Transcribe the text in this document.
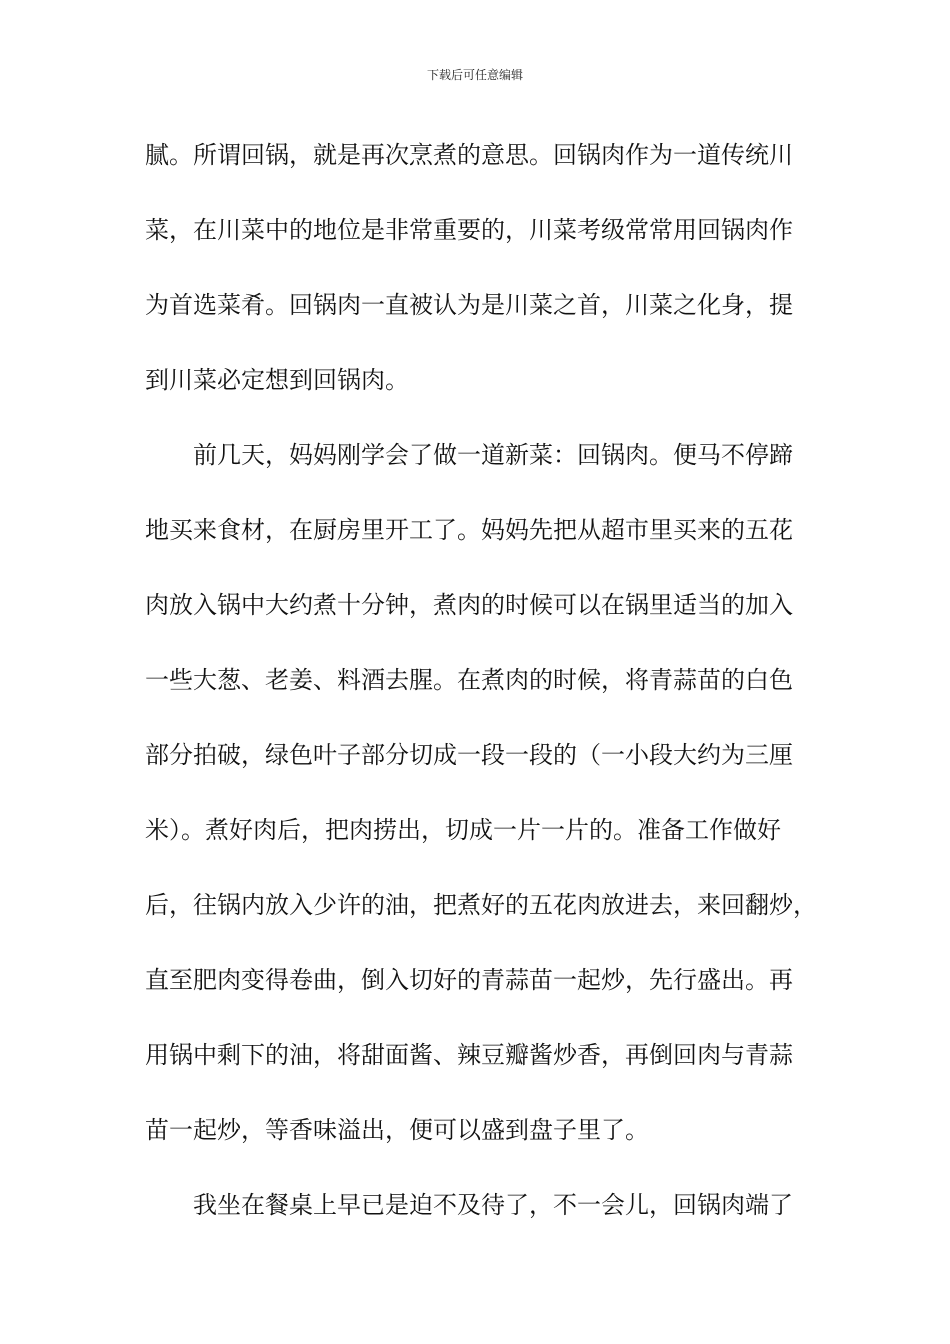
下载后可任意编辑
腻。所谓回锅，就是再次烹煮的意思。回锅肉作为一道传统川
菜，在川菜中的地位是非常重要的，川菜考级常常用回锅肉作
为首选菜肴。回锅肉一直被认为是川菜之首，川菜之化身，提
到川菜必定想到回锅肉。
前几天，妈妈刚学会了做一道新菜：回锅肉。便马不停蹄
地买来食材，在厨房里开工了。妈妈先把从超市里买来的五花
肉放入锅中大约煮十分钟，煮肉的时候可以在锅里适当的加入
一些大葱、老姜、料酒去腥。在煮肉的时候，将青蒜苗的白色
部分拍破，绿色叶子部分切成一段一段的（一小段大约为三厘
米）。煮好肉后，把肉捞出，切成一片一片的。准备工作做好
后，往锅内放入少许的油，把煮好的五花肉放进去，来回翻炒，
直至肥肉变得卷曲，倒入切好的青蒜苗一起炒，先行盛出。再
用锅中剩下的油，将甜面酱、辣豆瓣酱炒香，再倒回肉与青蒜
苗一起炒，等香味溢出，便可以盛到盘子里了。
我坐在餐桌上早已是迫不及待了，不一会儿，回锅肉端了
